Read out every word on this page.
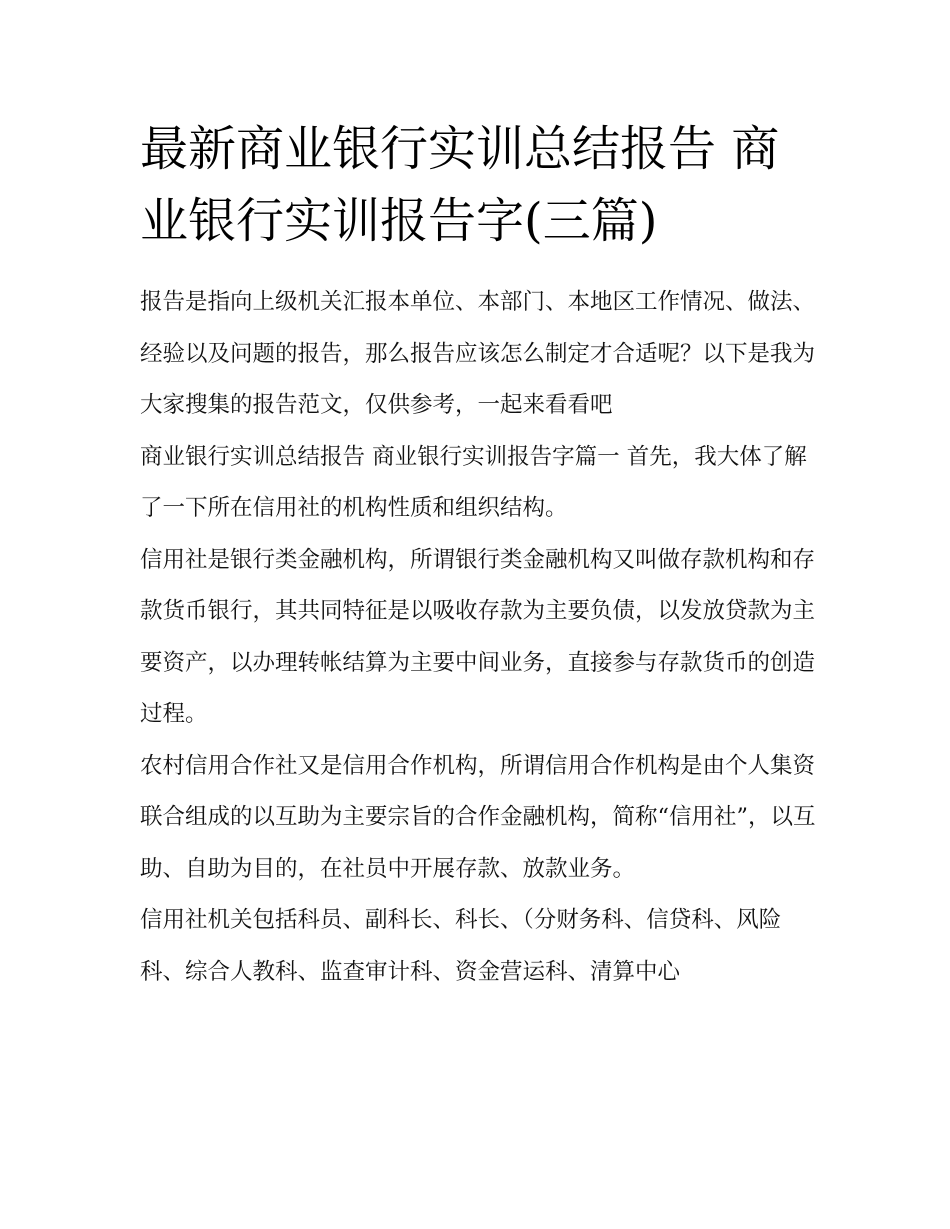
最新商业银行实训总结报告 商
业银行实训报告字(三篇)

报告是指向上级机关汇报本单位、本部门、本地区工作情况、做法、经验以及问题的报告，那么报告应该怎么制定才合适呢？以下是我为大家搜集的报告范文，仅供参考，一起来看看吧

商业银行实训总结报告 商业银行实训报告字篇一 首先，我大体了解了一下所在信用社的机构性质和组织结构。

信用社是银行类金融机构，所谓银行类金融机构又叫做存款机构和存款货币银行，其共同特征是以吸收存款为主要负债，以发放贷款为主要资产，以办理转帐结算为主要中间业务，直接参与存款货币的创造过程。

农村信用合作社又是信用合作机构，所谓信用合作机构是由个人集资联合组成的以互助为主要宗旨的合作金融机构，简称“信用社”，以互助、自助为目的，在社员中开展存款、放款业务。

信用社机关包括科员、副科长、科长、（分财务科、信贷科、风险科、综合人教科、监查审计科、资金营运科、清算中心
